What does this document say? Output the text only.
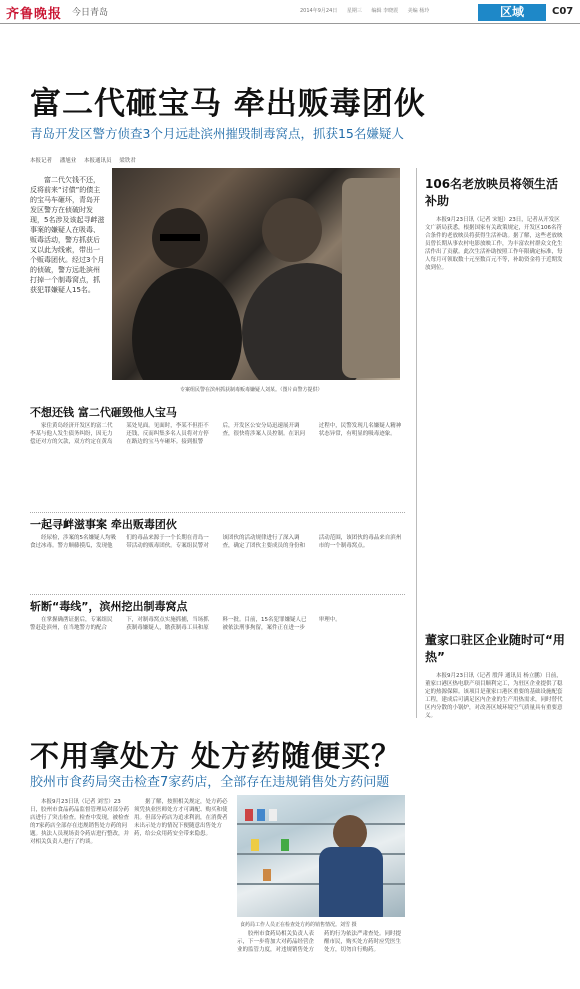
齐鲁晚报 今日青岛	2014年9月24日 星期三 编辑 李晓震 美编 杨玲	区域	C07
富二代砸宝马 牵出贩毒团伙
青岛开发区警方侦查3个月远赴滨州摧毁制毒窝点，抓获15名嫌疑人
本报记者 潘旭业 本报通讯员 梁铁君
富二代欠钱不还，反将前来“讨债”的债主的宝马车砸坏，青岛开发区警方在侦破时发现，5名涉及该起寻衅滋事案的嫌疑人在吸毒、贩毒活动，警方抓获后又以此为线索，带出一个贩毒团伙。经过3个月的侦破，警方远赴滨州打掉一个制毒窝点，抓获犯罪嫌疑人15名。
专案组民警在滨州抓获制毒贩毒嫌疑人刘某。（图片由警方提供）
不想还钱 富二代砸毁他人宝马
家住黄岛经济开发区的富二代李某与他人发生债务纠纷，因无力偿还对方的欠款，双方约定在黄岛某处见面。见面时，李某不但拒不还钱，反而纠集多名人员将对方停在路边的宝马车砸坏。接到报警后，开发区公安分局迅速展开调查，很快将涉案人员控制。在讯问过程中，民警发现几名嫌疑人精神状态异常，有明显的吸毒迹象。
一起寻衅滋事案 牵出贩毒团伙
经尿检，涉案的5名嫌疑人均吸食过冰毒。警方顺藤摸瓜，发现他们的毒品来源于一个长期在青岛一带活动的贩毒团伙。专案组民警对该团伙的活动规律进行了深入调查，确定了团伙主要成员的身份和活动范围，该团伙的毒品来自滨州市的一个制毒窝点。
斩断“毒线”，滨州挖出制毒窝点
在掌握确凿证据后，专案组民警赶赴滨州，在当地警方的配合下，对制毒窝点实施抓捕，当场抓获制毒嫌疑人，缴获制毒工具和原料一批。目前，15名犯罪嫌疑人已被依法刑事拘留，案件正在进一步审理中。
106名老放映员将领生活补助
本报9月23日讯（记者 宋旭）23日，记者从开发区文广新局获悉，根据国家有关政策规定，开发区106名符合条件的老放映员将获得生活补助。据了解，这些老放映员曾长期从事农村电影放映工作，为丰富农村群众文化生活作出了贡献。此次生活补助按照工作年限确定标准，每人每月可领取数十元至数百元不等，补助资金将于近期发放到位。
董家口驻区企业随时可“用热”
本报9月23日讯（记者 殷萍 通讯员 杨立鹏）日前，董家口港区热电联产项目顺利完工，为驻区企业提供了稳定的热源保障。该项目是董家口港区重要的基础设施配套工程，建成后可满足区内企业的生产用热需求，同时替代区内分散的小锅炉，对改善区域环境空气质量具有重要意义。
不用拿处方 处方药随便买？
胶州市食药局突击检查7家药店，全部存在违规销售处方药问题
本报9月23日讯（记者 刘雪）23日，胶州市食品药品监督管理局对部分药店进行了突击检查。检查中发现，被检查的7家药店全部存在违规销售处方药的问题。执法人员现场责令药店进行整改，并对相关负责人进行了约谈。
据了解，按照相关规定，处方药必须凭执业医师处方才可调配、购买和使用。但部分药店为追求利润，在消费者未出示处方的情况下便随意出售处方药，给公众用药安全带来隐患。
食药局工作人员正在检查处方药的销售情况。刘雪 摄
胶州市食药局相关负责人表示，下一步将加大对药品经营企业的监管力度，对违规销售处方药的行为依法严肃查处。同时提醒市民，购买处方药时应凭医生处方，切勿自行购药。
